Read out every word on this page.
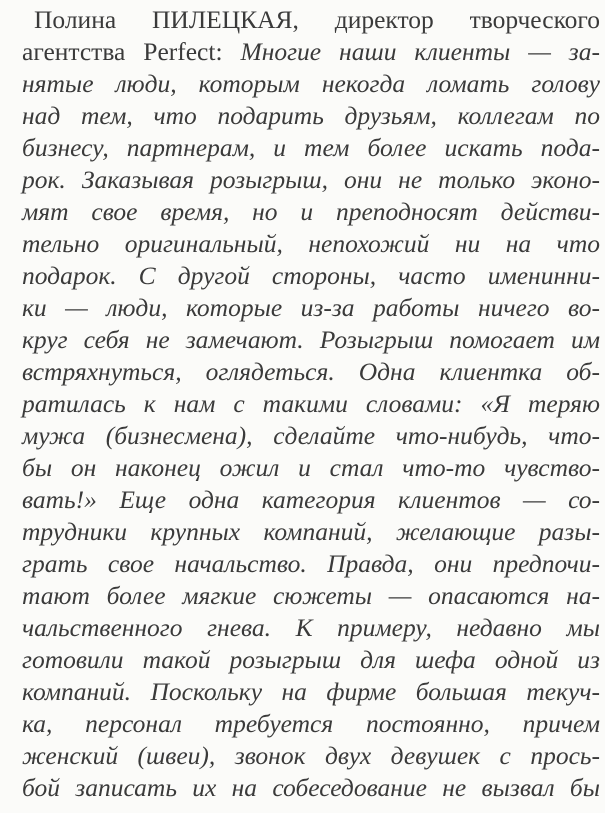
Полина ПИЛЕЦКАЯ, директор творческого
агентства Perfect: Многие наши клиенты — за-
нятые люди, которым некогда ломать голову
над тем, что подарить друзьям, коллегам по
бизнесу, партнерам, и тем более искать пода-
рок. Заказывая розыгрыш, они не только эконо-
мят свое время, но и преподносят действи-
тельно оригинальный, непохожий ни на что
подарок. С другой стороны, часто именинни-
ки — люди, которые из-за работы ничего во-
круг себя не замечают. Розыгрыш помогает им
встряхнуться, оглядеться. Одна клиентка об-
ратилась к нам с такими словами: «Я теряю
мужа (бизнесмена), сделайте что-нибудь, что-
бы он наконец ожил и стал что-то чувство-
вать!» Еще одна категория клиентов — со-
трудники крупных компаний, желающие разы-
грать свое начальство. Правда, они предпочи-
тают более мягкие сюжеты — опасаются на-
чальственного гнева. К примеру, недавно мы
готовили такой розыгрыш для шефа одной из
компаний. Поскольку на фирме большая текуч-
ка, персонал требуется постоянно, причем
женский (швеи), звонок двух девушек с прось-
бой записать их на собеседование не вызвал бы
